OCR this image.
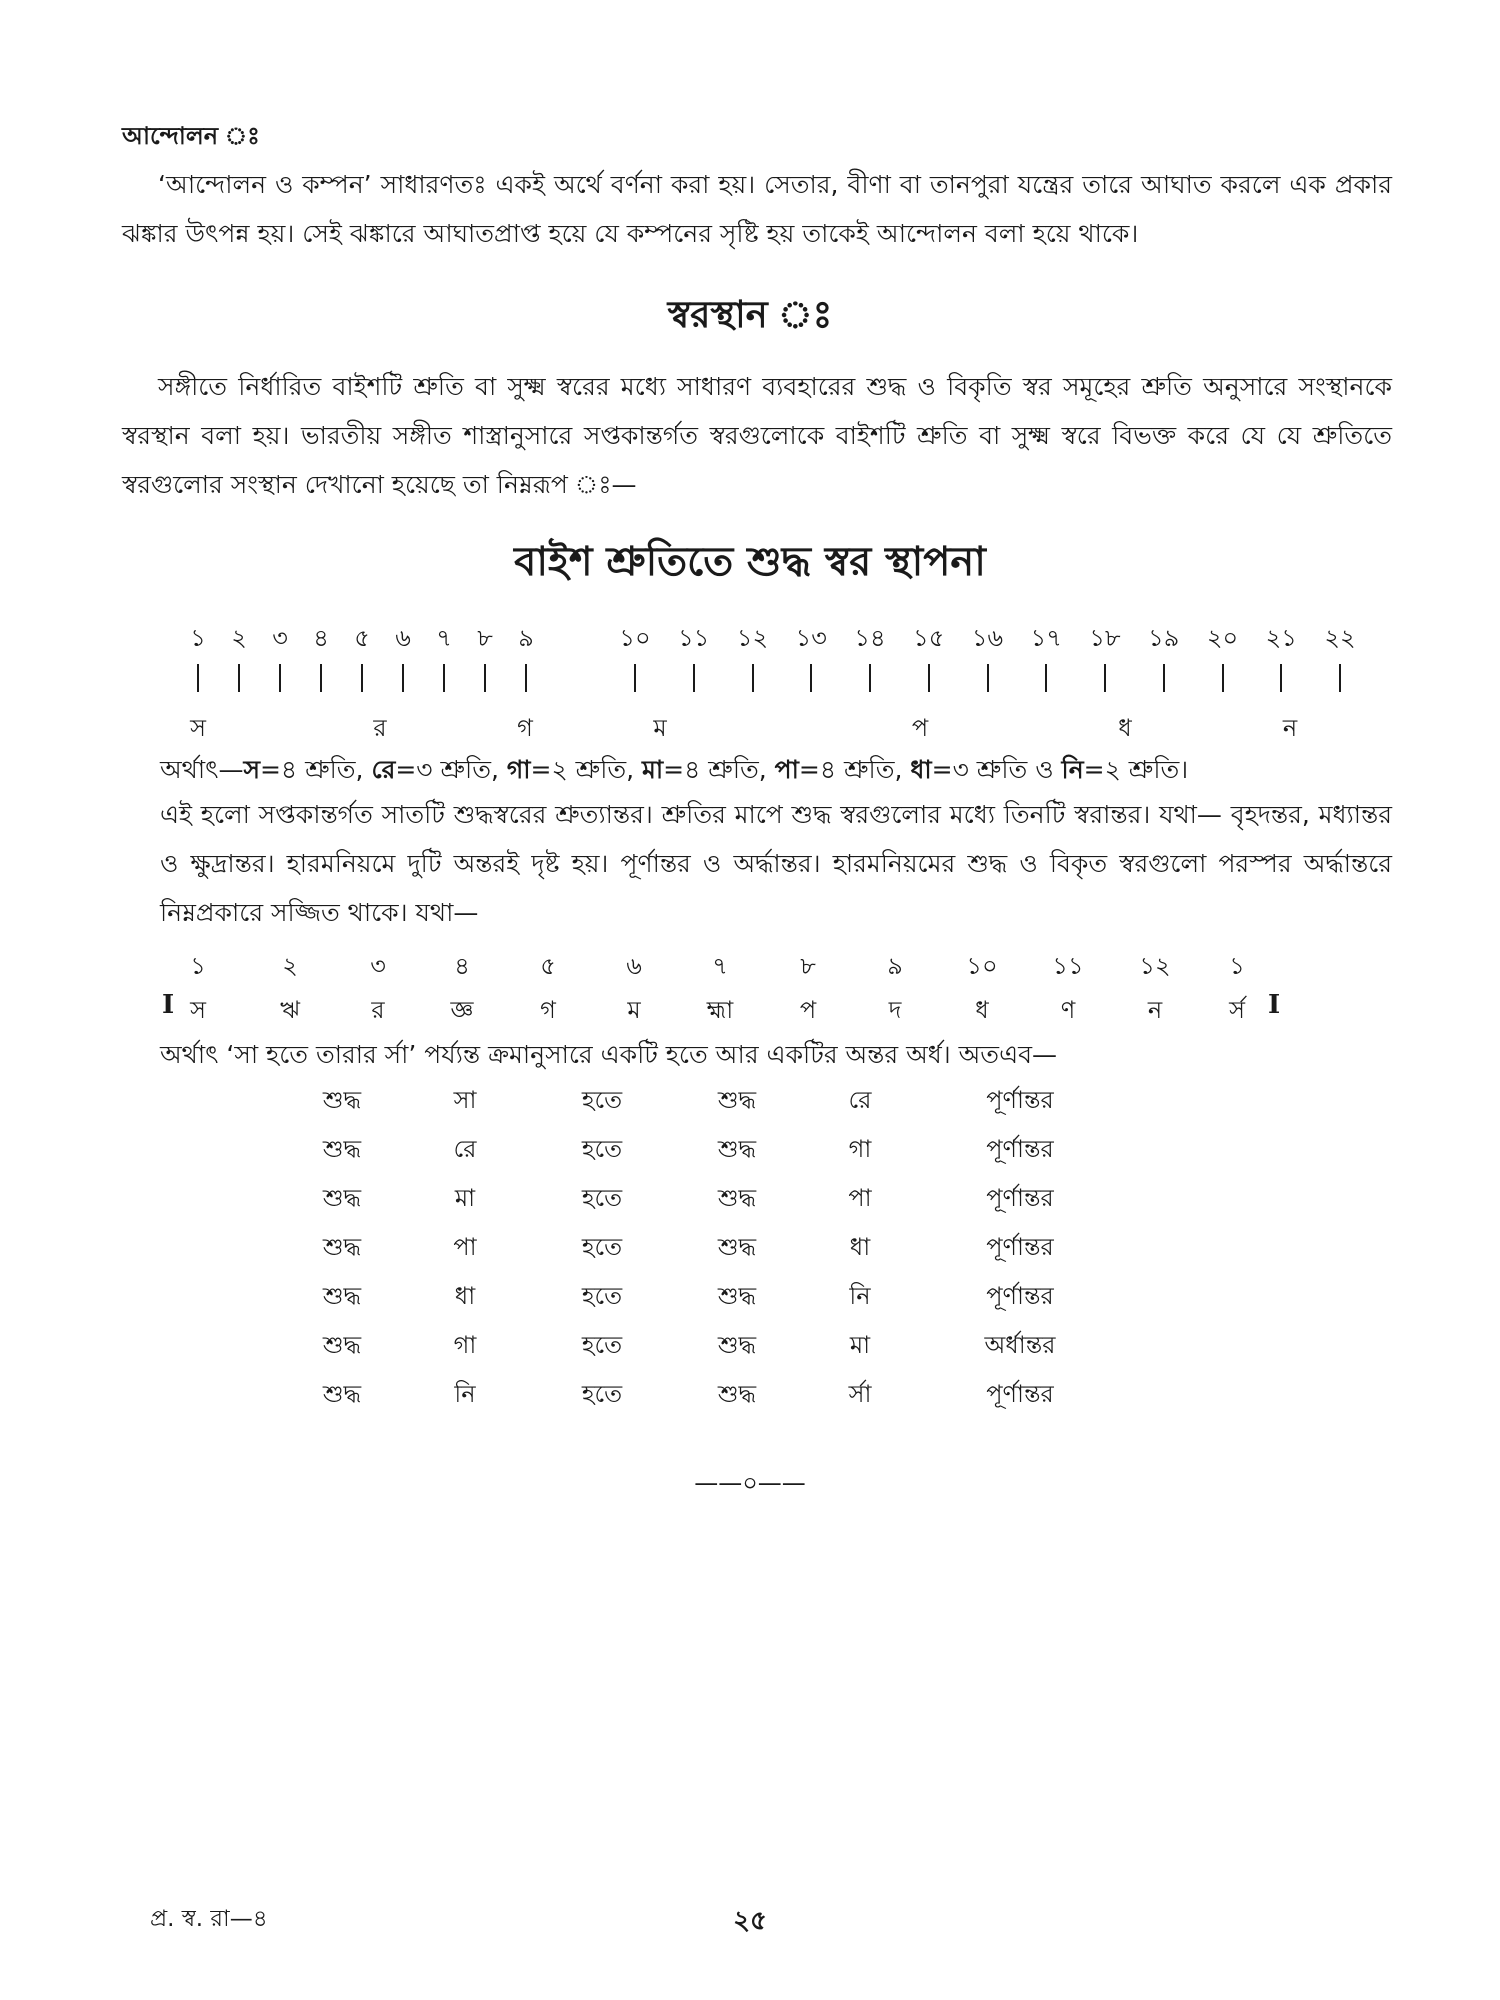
আন্দোলন ঃ
‘আন্দোলন ও কম্পন’ সাধারণতঃ একই অর্থে বর্ণনা করা হয়। সেতার, বীণা বা তানপুরা যন্ত্রের তারে আঘাত করলে এক প্রকার ঝঙ্কার উৎপন্ন হয়। সেই ঝঙ্কারে আঘাতপ্রাপ্ত হয়ে যে কম্পনের সৃষ্টি হয় তাকেই আন্দোলন বলা হয়ে থাকে।
স্বরস্থান ঃ
সঙ্গীতে নির্ধারিত বাইশটি শ্রুতি বা সুক্ষ্ম স্বরের মধ্যে সাধারণ ব্যবহারের শুদ্ধ ও বিকৃতি স্বর সমূহের শ্রুতি অনুসারে সংস্থানকে স্বরস্থান বলা হয়। ভারতীয় সঙ্গীত শাস্ত্রানুসারে সপ্তকান্তর্গত স্বরগুলোকে বাইশটি শ্রুতি বা সুক্ষ্ম স্বরে বিভক্ত করে যে যে শ্রুতিতে স্বরগুলোর সংস্থান দেখানো হয়েছে তা নিম্নরূপ ঃ—
বাইশ শ্রুতিতে শুদ্ধ স্বর স্থাপনা
১ ২ ৩ ৪ ৫ ৬ ৭ ৮ ৯	১০ ১১ ১২ ১৩ ১৪ ১৫ ১৬ ১৭ ১৮ ১৯ ২০ ২১ ২২
স	র	গ	ম	প	ধ	ন
অর্থাৎ—স=৪ শ্রুতি, রে=৩ শ্রুতি, গা=২ শ্রুতি, মা=৪ শ্রুতি, পা=৪ শ্রুতি, ধা=৩ শ্রুতি ও নি=২ শ্রুতি।
এই হলো সপ্তকান্তর্গত সাতটি শুদ্ধস্বরের শ্রুত্যান্তর। শ্রুতির মাপে শুদ্ধ স্বরগুলোর মধ্যে তিনটি স্বরান্তর। যথা— বৃহদন্তর, মধ্যান্তর ও ক্ষুদ্রান্তর। হারমনিয়মে দুটি অন্তরই দৃষ্ট হয়। পূর্ণান্তর ও অর্দ্ধান্তর। হারমনিয়মের শুদ্ধ ও বিকৃত স্বরগুলো পরস্পর অর্দ্ধান্তরে নিম্নপ্রকারে সজ্জিত থাকে। যথা—
১	২	৩	৪	৫	৬	৭	৮	৯	১০ ১১ ১২ ১
স	ঋ	র	জ্ঞ	গ	ম	হ্মা	প	দ	ধ	ণ	ন	র্স
I	I
অর্থাৎ ‘সা হতে তারার র্সা’ পর্য্যন্ত ক্রমানুসারে একটি হতে আর একটির অন্তর অর্ধ। অতএব—
শুদ্ধ	সা	হতে	শুদ্ধ	রে	পূর্ণান্তর
শুদ্ধ	রে	হতে	শুদ্ধ	গা	পূর্ণান্তর
শুদ্ধ	মা	হতে	শুদ্ধ	পা	পূর্ণান্তর
শুদ্ধ	পা	হতে	শুদ্ধ	ধা	পূর্ণান্তর
শুদ্ধ	ধা	হতে	শুদ্ধ	নি	পূর্ণান্তর
শুদ্ধ	গা	হতে	শুদ্ধ	মা	অর্ধান্তর
শুদ্ধ	নি	হতে	শুদ্ধ	র্সা	পূর্ণান্তর
——০——
প্র. স্ব. রা—৪	২৫
